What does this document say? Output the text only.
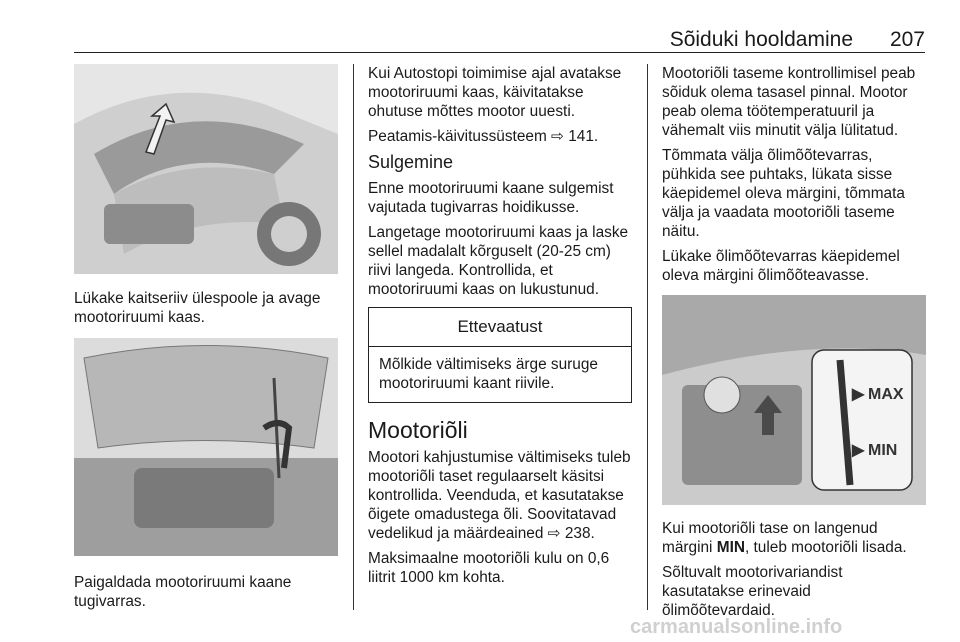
Sõiduki hooldamine 207

Lükake kaitseriiv ülespoole ja avage mootoriruumi kaas.

Paigaldada mootoriruumi kaane tugivarras.

Kui Autostopi toimimise ajal avatakse mootoriruumi kaas, käivitatakse ohutuse mõttes mootor uuesti.

Peatamis-käivitussüsteem ⇨ 141.

Sulgemine

Enne mootoriruumi kaane sulgemist vajutada tugivarras hoidikusse.

Langetage mootoriruumi kaas ja laske sellel madalalt kõrguselt (20-25 cm) riivi langeda. Kontrollida, et mootoriruumi kaas on lukustunud.

Ettevaatust
Mõlkide vältimiseks ärge suruge mootoriruumi kaant riivile.
Mootoriõli

Mootori kahjustumise vältimiseks tuleb mootoriõli taset regulaarselt käsitsi kontrollida. Veenduda, et kasutatakse õigete omadustega õli. Soovitatavad vedelikud ja määrdeained ⇨ 238.

Maksimaalne mootoriõli kulu on 0,6 liitrit 1000 km kohta.

Mootoriõli taseme kontrollimisel peab sõiduk olema tasasel pinnal. Mootor peab olema töötemperatuuril ja vähemalt viis minutit välja lülitatud.

Tõmmata välja õlimõõtevarras, pühkida see puhtaks, lükata sisse käepidemel oleva märgini, tõmmata välja ja vaadata mootoriõli taseme näitu.

Lükake õlimõõtevarras käepidemel oleva märgini õlimõõteavasse.

▶ MAX
▶ MIN

Kui mootoriõli tase on langenud märgini MIN, tuleb mootoriõli lisada.

Sõltuvalt mootorivariandist kasutatakse erinevaid õlimõõtevardaid.

carmanualsonline.info
